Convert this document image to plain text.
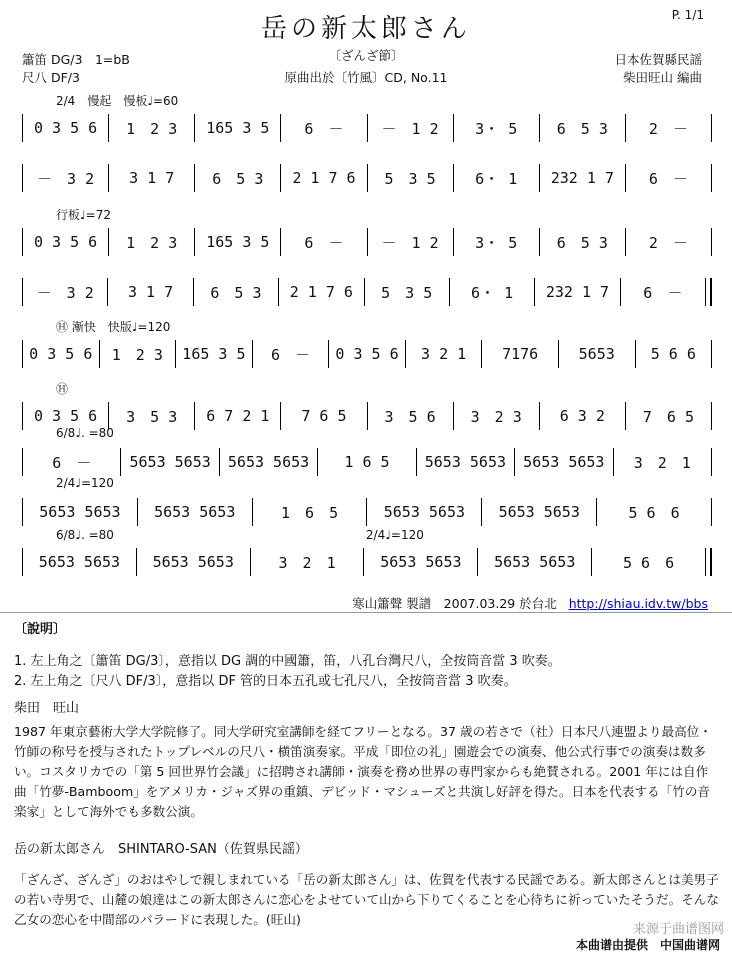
岳の新太郎さん	P. 1/1
簫笛 DG/3　1=bB
尺八 DF/3
〔ざんざ節〕
原曲出於〔竹風〕CD, No.11
日本佐賀縣民謡
柴田旺山 編曲
2/4　慢起　慢板♩=60
0 3 5 6	1　2 3	165 3 5	6　－	－　1 2	3・ 5	6　5 3	2　－
－　3 2	3 1 7	6　5 3	2 1 7 6	5　3 5	6・ 1	232 1 7	6　－
行板♩=72
0 3 5 6	1　2 3	165 3 5	6　－	－　1 2	3・ 5	6　5 3	2　－
－　3 2	3 1 7	6　5 3	2 1 7 6	5　3 5	6・ 1	232 1 7	6　－
Ⓗ 漸快　快版♩=120
0 3 5 6	1　2 3	165 3 5	6　－	0 3 5 6	3 2 1	7176	5653	5 6 6
Ⓗ
0 3 5 6	3　5 3	6 7 2 1	7 6 5	3　5 6	3　2 3	6 3 2	7　6 5
6/8♩. =80
6　－	5653 5653	5653 5653	1 6 5	5653 5653	5653 5653	3　2　1
2/4♩=120
5653 5653	5653 5653	1　6　5	5653 5653	5653 5653	5 6　6
6/8♩. =80　　　　　　　　　　　　　　　　　　　　　2/4♩=120
5653 5653	5653 5653	3　2　1	5653 5653	5653 5653	5 6　6
寒山簫聲 製譜　2007.03.29 於台北 http://shiau.idv.tw/bbs
〔說明〕
1. 左上角之〔簫笛 DG/3〕，意指以 DG 調的中國簫，笛，八孔台灣尺八，全按筒音當 3 吹奏。
2. 左上角之〔尺八 DF/3〕，意指以 DF 管的日本五孔或七孔尺八，全按筒音當 3 吹奏。
柴田　旺山
1987 年東京藝術大学大学院修了。同大学研究室講師を経てフリーとなる。37 歳の若さで（社）日本尺八連盟より最高位・竹師の称号を授与されたトップレベルの尺八・横笛演奏家。平成「即位の礼」園遊会での演奏、他公式行事での演奏は数多い。コスタリカでの「第 5 回世界竹会議」に招聘され講師・演奏を務め世界の専門家からも絶賛される。2001 年には自作曲「竹夢-Bamboom」をアメリカ・ジャズ界の重鎮、デビッド・マシューズと共演し好評を得た。日本を代表する「竹の音楽家」として海外でも多数公演。
岳の新太郎さん　SHINTARO-SAN（佐賀県民謡）
「ざんざ、ざんざ」のおはやしで親しまれている「岳の新太郎さん」は、佐賀を代表する民謡である。新太郎さんとは美男子の若い寺男で、山麓の娘達はこの新太郎さんに恋心をよせていて山から下りてくることを心待ちに祈っていたそうだ。そんな乙女の恋心を中間部のバラードに表現した。(旺山)
来源于曲谱图网
本曲谱由提供　中国曲谱网
